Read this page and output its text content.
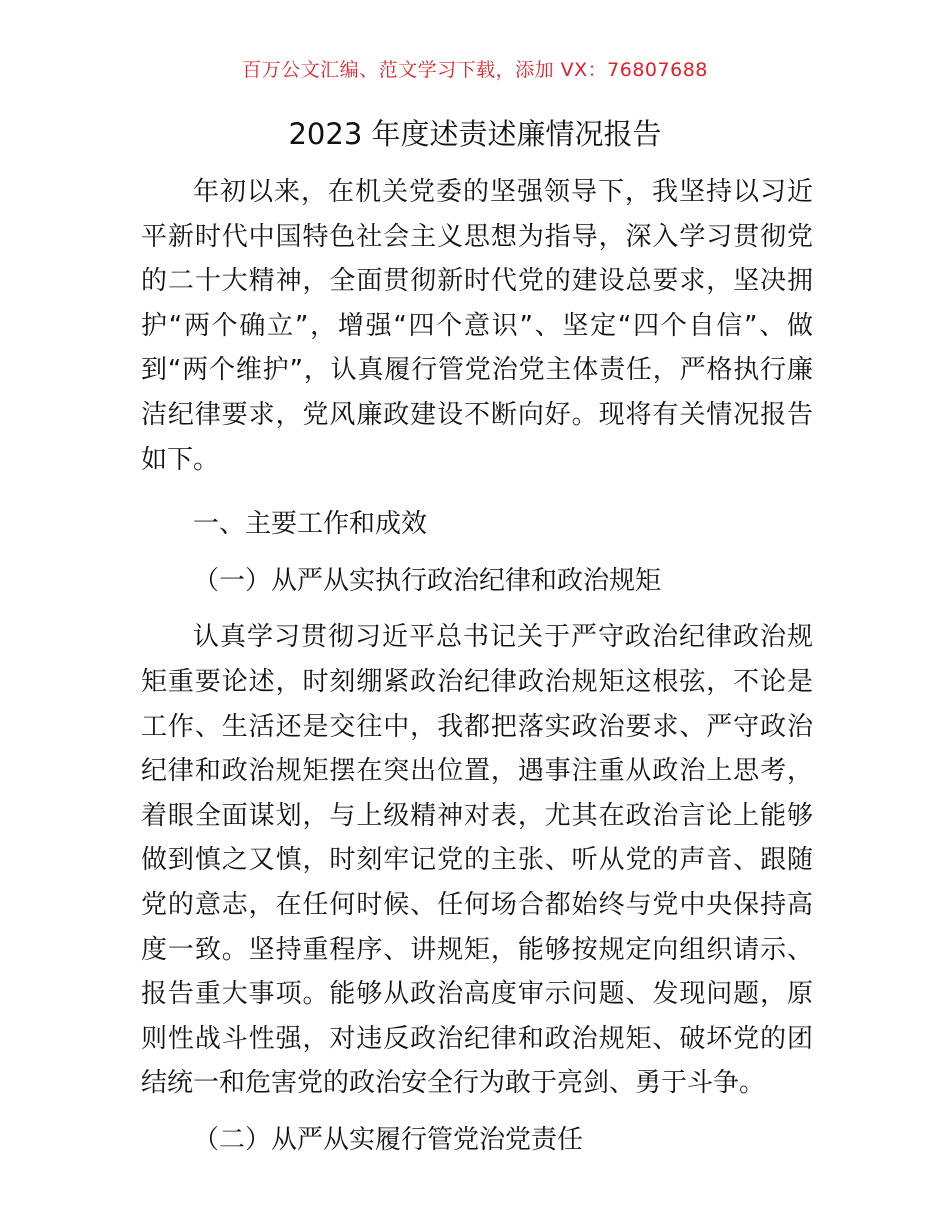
百万公文汇编、范文学习下载，添加 VX：76807688
2023 年度述责述廉情况报告

年初以来，在机关党委的坚强领导下，我坚持以习近平新时代中国特色社会主义思想为指导，深入学习贯彻党的二十大精神，全面贯彻新时代党的建设总要求，坚决拥护“两个确立”，增强“四个意识”、坚定“四个自信”、做到“两个维护”，认真履行管党治党主体责任，严格执行廉洁纪律要求，党风廉政建设不断向好。现将有关情况报告如下。

一、主要工作和成效

（一）从严从实执行政治纪律和政治规矩

认真学习贯彻习近平总书记关于严守政治纪律政治规矩重要论述，时刻绷紧政治纪律政治规矩这根弦，不论是工作、生活还是交往中，我都把落实政治要求、严守政治纪律和政治规矩摆在突出位置，遇事注重从政治上思考，着眼全面谋划，与上级精神对表，尤其在政治言论上能够做到慎之又慎，时刻牢记党的主张、听从党的声音、跟随党的意志，在任何时候、任何场合都始终与党中央保持高度一致。坚持重程序、讲规矩，能够按规定向组织请示、报告重大事项。能够从政治高度审示问题、发现问题，原则性战斗性强，对违反政治纪律和政治规矩、破坏党的团结统一和危害党的政治安全行为敢于亮剑、勇于斗争。

（二）从严从实履行管党治党责任
